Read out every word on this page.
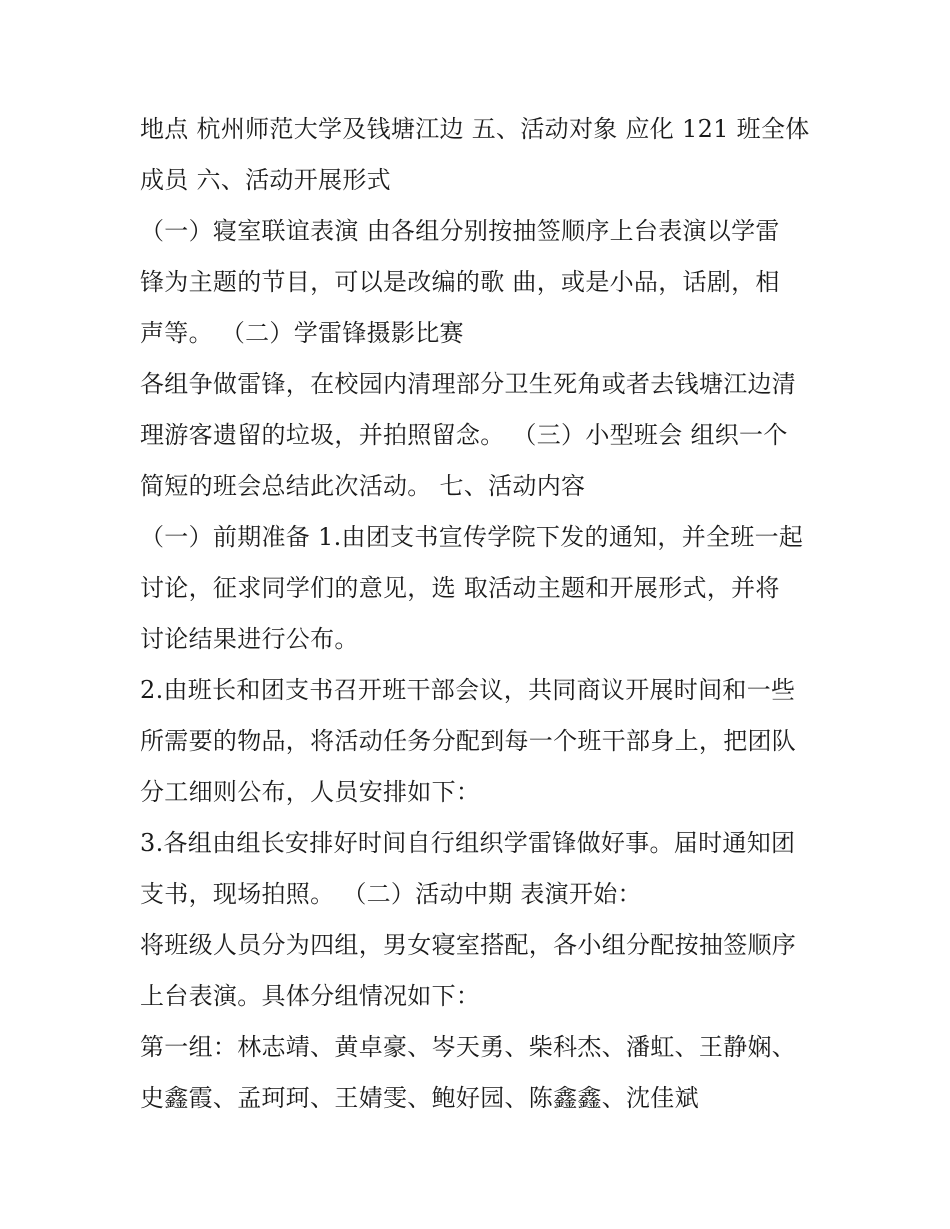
地点 杭州师范大学及钱塘江边 五、活动对象 应化 121 班全体
成员 六、活动开展形式
（一）寝室联谊表演 由各组分别按抽签顺序上台表演以学雷
锋为主题的节目，可以是改编的歌 曲，或是小品，话剧，相
声等。 （二）学雷锋摄影比赛
各组争做雷锋，在校园内清理部分卫生死角或者去钱塘江边清
理游客遗留的垃圾，并拍照留念。 （三）小型班会 组织一个
简短的班会总结此次活动。 七、活动内容
（一）前期准备 1.由团支书宣传学院下发的通知，并全班一起
讨论，征求同学们的意见，选 取活动主题和开展形式，并将
讨论结果进行公布。
2.由班长和团支书召开班干部会议，共同商议开展时间和一些
所需要的物品，将活动任务分配到每一个班干部身上，把团队
分工细则公布，人员安排如下：
3.各组由组长安排好时间自行组织学雷锋做好事。届时通知团
支书，现场拍照。 （二）活动中期 表演开始：
将班级人员分为四组，男女寝室搭配，各小组分配按抽签顺序
上台表演。具体分组情况如下：
第一组：林志靖、黄卓豪、岑天勇、柴科杰、潘虹、王静娴、
史鑫霞、孟珂珂、王婧雯、鲍好园、陈鑫鑫、沈佳斌
